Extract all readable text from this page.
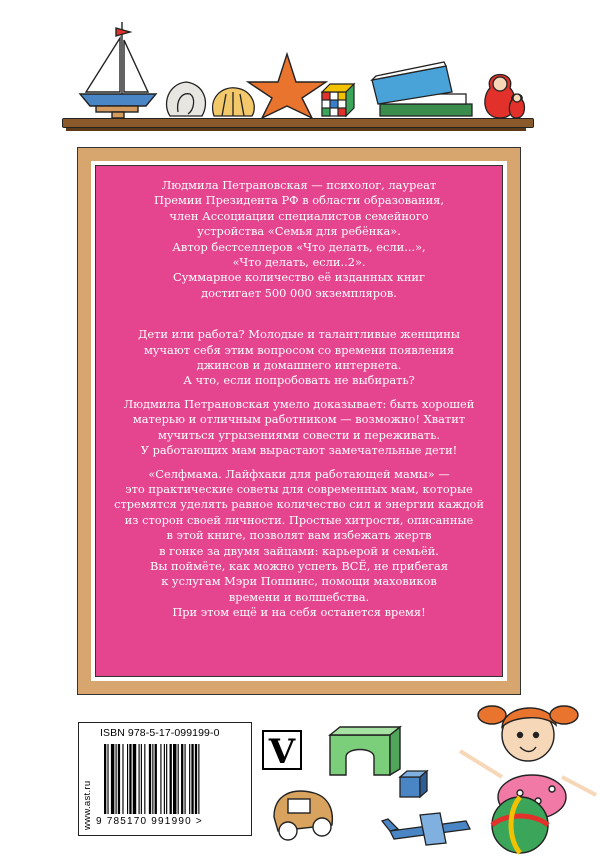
Людмила Петрановская — психолог, лауреат
Премии Президента РФ в области образования,
член Ассоциации специалистов семейного
устройства «Семья для ребёнка».
Автор бестселлеров «Что делать, если...»,
«Что делать, если..2».
Суммарное количество её изданных книг
достигает 500 000 экземпляров.

Дети или работа? Молодые и талантливые женщины
мучают себя этим вопросом со времени появления
джинсов и домашнего интернета.
А что, если попробовать не выбирать?

Людмила Петрановская умело доказывает: быть хорошей
матерью и отличным работником — возможно! Хватит
мучиться угрызениями совести и переживать.
У работающих мам вырастают замечательные дети!

«Селфмама. Лайфхаки для работающей мамы» —
это практические советы для современных мам, которые
стремятся уделять равное количество сил и энергии каждой
из сторон своей личности. Простые хитрости, описанные
в этой книге, позволят вам избежать жертв
в гонке за двумя зайцами: карьерой и семьёй.
Вы поймёте, как можно успеть ВСЁ, не прибегая
к услугам Мэри Поппинс, помощи маховиков
времени и волшебства.
При этом ещё и на себя останется время!

ISBN 978-5-17-099199-0
9 785170 991990 >
www.ast.ru
V
